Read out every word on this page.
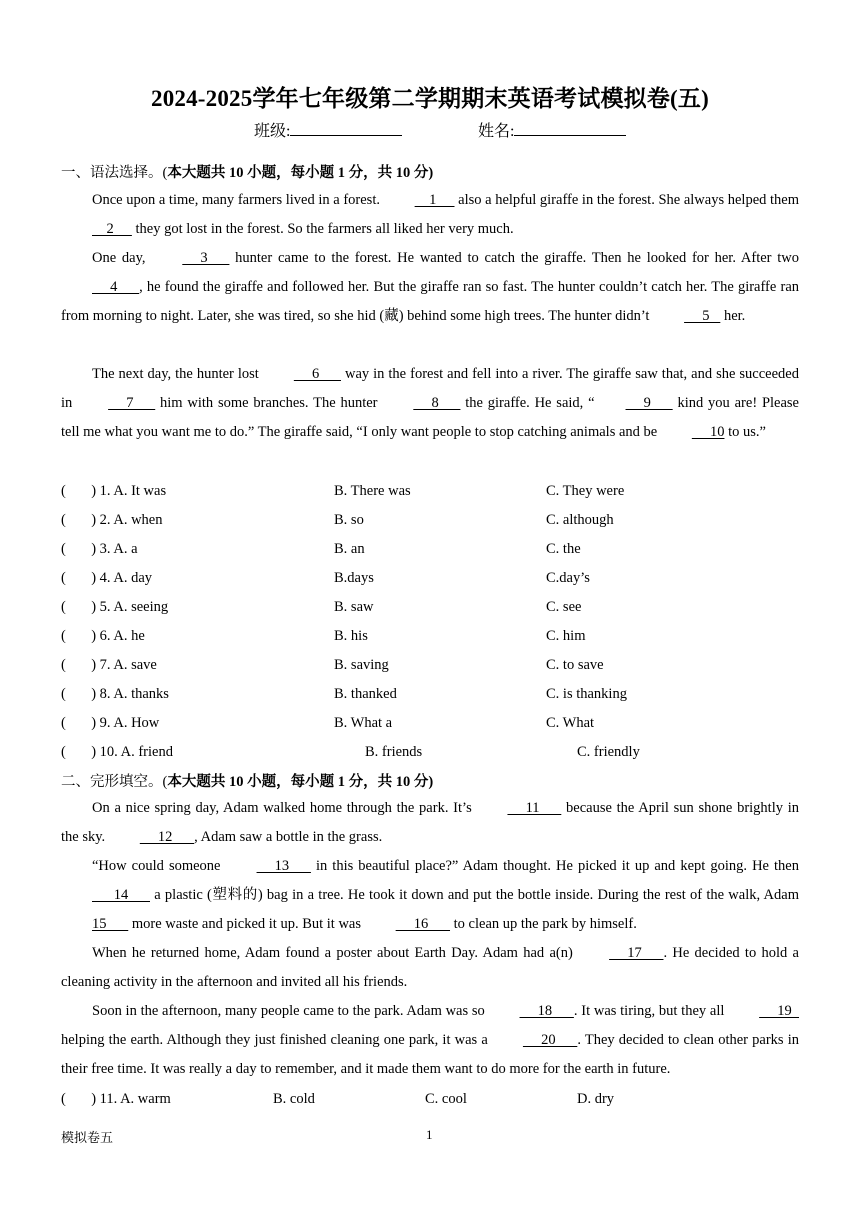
2024-2025学年七年级第二学期期末英语考试模拟卷(五)
班级:	姓名:
一、语法选择。(本大题共 10 小题，每小题 1 分，共 10 分)
Once upon a time, many farmers lived in a forest.     1      also a helpful giraffe in the forest. She always helped them     2      they got lost in the forest. So the farmers all liked her very much.
One day,      3       hunter came to the forest. He wanted to catch the giraffe. Then he looked for her. After two      4      , he found the giraffe and followed her. But the giraffe ran so fast. The hunter couldn’t catch her. The giraffe ran from morning to night. Later, she was tired, so she hid (藏) behind some high trees. The hunter didn’t      5    her.
The next day, the hunter lost      6       way in the forest and fell into a river. The giraffe saw that, and she succeeded in      7       him with some branches. The hunter      8       the giraffe. He said, “     9       kind you are! Please tell me what you want me to do.” The giraffe said, “I only want people to stop catching animals and be      10 to us.”
(       ) 1. A. It was	B. There was	C. They were
(       ) 2. A. when	B. so	C. although
(       ) 3. A. a	B. an	C. the
(       ) 4. A. day	B.days	C.day’s
(       ) 5. A. seeing	B. saw	C. see
(       ) 6. A. he	B. his	C. him
(       ) 7. A. save	B. saving	C. to save
(       ) 8. A. thanks	B. thanked	C. is thanking
(       ) 9. A. How	B. What a	C. What
(       ) 10. A. friend	B. friends	C. friendly
二、完形填空。(本大题共 10 小题，每小题 1 分，共 10 分)
On a nice spring day, Adam walked home through the park. It’s      11       because the April sun shone brightly in the sky.      12      , Adam saw a bottle in the grass.
“How could someone      13       in this beautiful place?” Adam thought. He picked it up and kept going. He then       14       a plastic (塑料的) bag in a tree. He took it down and put the bottle inside. During the rest of the walk, Adam 15       more waste and picked it up. But it was      16       to clean up the park by himself.
When he returned home, Adam found a poster about Earth Day. Adam had a(n)      17      . He decided to hold a cleaning activity in the afternoon and invited all his friends.
Soon in the afternoon, many people came to the park. Adam was so      18      . It was tiring, but they all      19   helping the earth. Although they just finished cleaning one park, it was a      20      . They decided to clean other parks in their free time. It was really a day to remember, and it made them want to do more for the earth in future.
(       ) 11. A. warm	B. cold	C. cool	D. dry
模拟卷五	1
